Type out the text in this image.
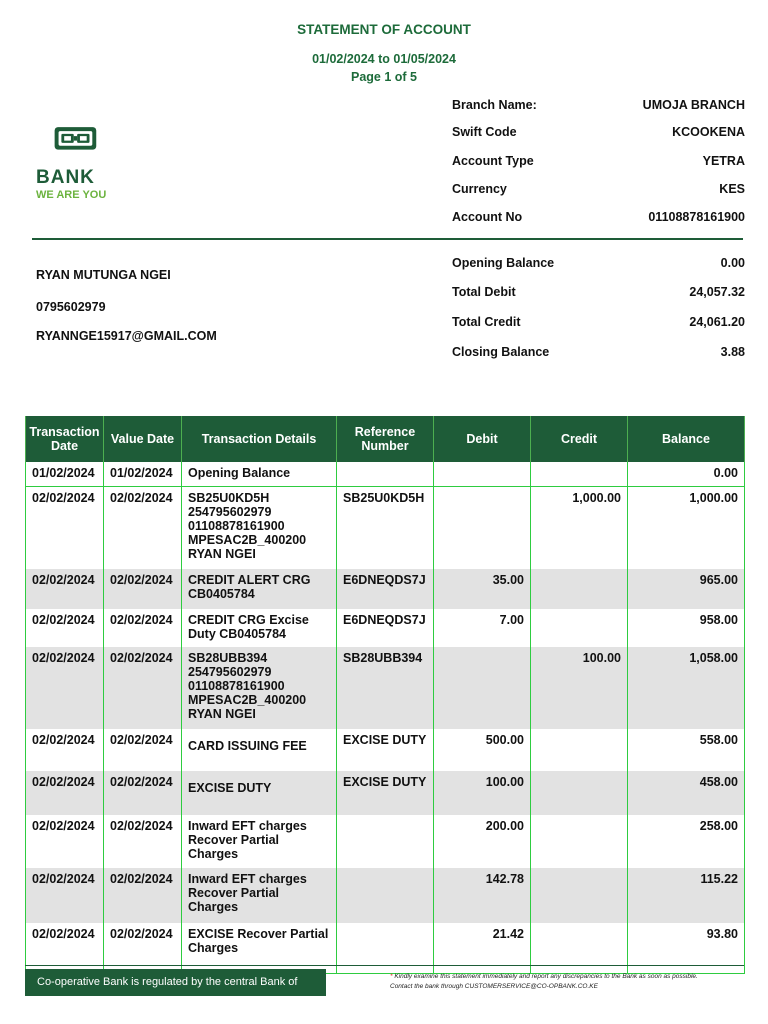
STATEMENT OF ACCOUNT
01/02/2024 to 01/05/2024
Page 1 of 5
BANK
WE ARE YOU
Branch Name:	UMOJA BRANCH
Swift Code	KCOOKENA
Account Type	YETRA
Currency	KES
Account No	01108878161900
RYAN MUTUNGA NGEI
0795602979
RYANNGE15917@GMAIL.COM
Opening Balance	0.00
Total Debit	24,057.32
Total Credit	24,061.20
Closing Balance	3.88
Transaction Date	Value Date	Transaction Details	Reference Number	Debit	Credit	Balance
01/02/2024	01/02/2024	Opening Balance				0.00
02/02/2024	02/02/2024	SB25U0KD5H
254795602979
01108878161900
MPESAC2B_400200
RYAN NGEI	SB25U0KD5H		1,000.00	1,000.00
02/02/2024	02/02/2024	CREDIT ALERT CRG
CB0405784	E6DNEQDS7J	35.00		965.00
02/02/2024	02/02/2024	CREDIT CRG Excise
Duty CB0405784	E6DNEQDS7J	7.00		958.00
02/02/2024	02/02/2024	SB28UBB394
254795602979
01108878161900
MPESAC2B_400200
RYAN NGEI	SB28UBB394		100.00	1,058.00
02/02/2024	02/02/2024	CARD ISSUING FEE	EXCISE DUTY	500.00		558.00
02/02/2024	02/02/2024	EXCISE DUTY	EXCISE DUTY	100.00		458.00
02/02/2024	02/02/2024	Inward EFT charges
Recover Partial
Charges		200.00		258.00
02/02/2024	02/02/2024	Inward EFT charges
Recover Partial
Charges		142.78		115.22
02/02/2024	02/02/2024	EXCISE Recover Partial
Charges		21.42		93.80
Co-operative Bank is regulated by the central Bank of Kenya
* Kindly examine this statement immediately and report any discrepancies to the Bank as soon as possible.
Contact the bank through CUSTOMERSERVICE@CO-OPBANK.CO.KE
